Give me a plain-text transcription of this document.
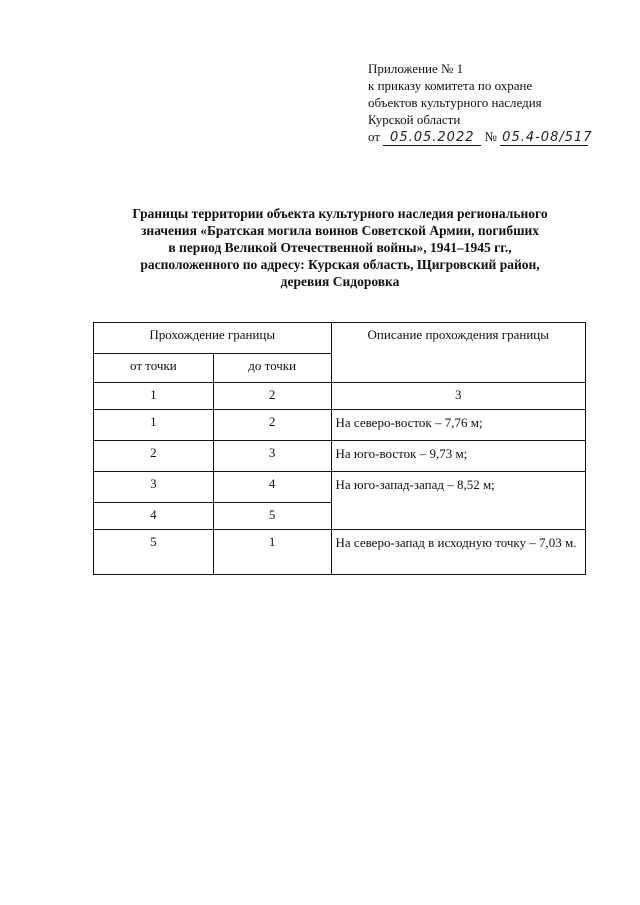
Приложение № 1
к приказу комитета по охране
объектов культурного наследия
Курской области
от 05.05.2022 № 05.4-08/517
Границы территории объекта культурного наследия регионального
значения «Братская могила воинов Советской Армии, погибших
в период Великой Отечественной войны», 1941–1945 гг.,
расположенного по адресу: Курская область, Щигровский район,
деревия Сидоровка
Прохождение границы		Описание прохождения границы
от точки	до точки	
1	2	3
1	2	На северо-восток – 7,76 м;
2	3	На юго-восток – 9,73 м;
3	4	На юго-запад-запад – 8,52 м;
4	5	
5	1	На северо-запад в исходную точку – 7,03 м.
